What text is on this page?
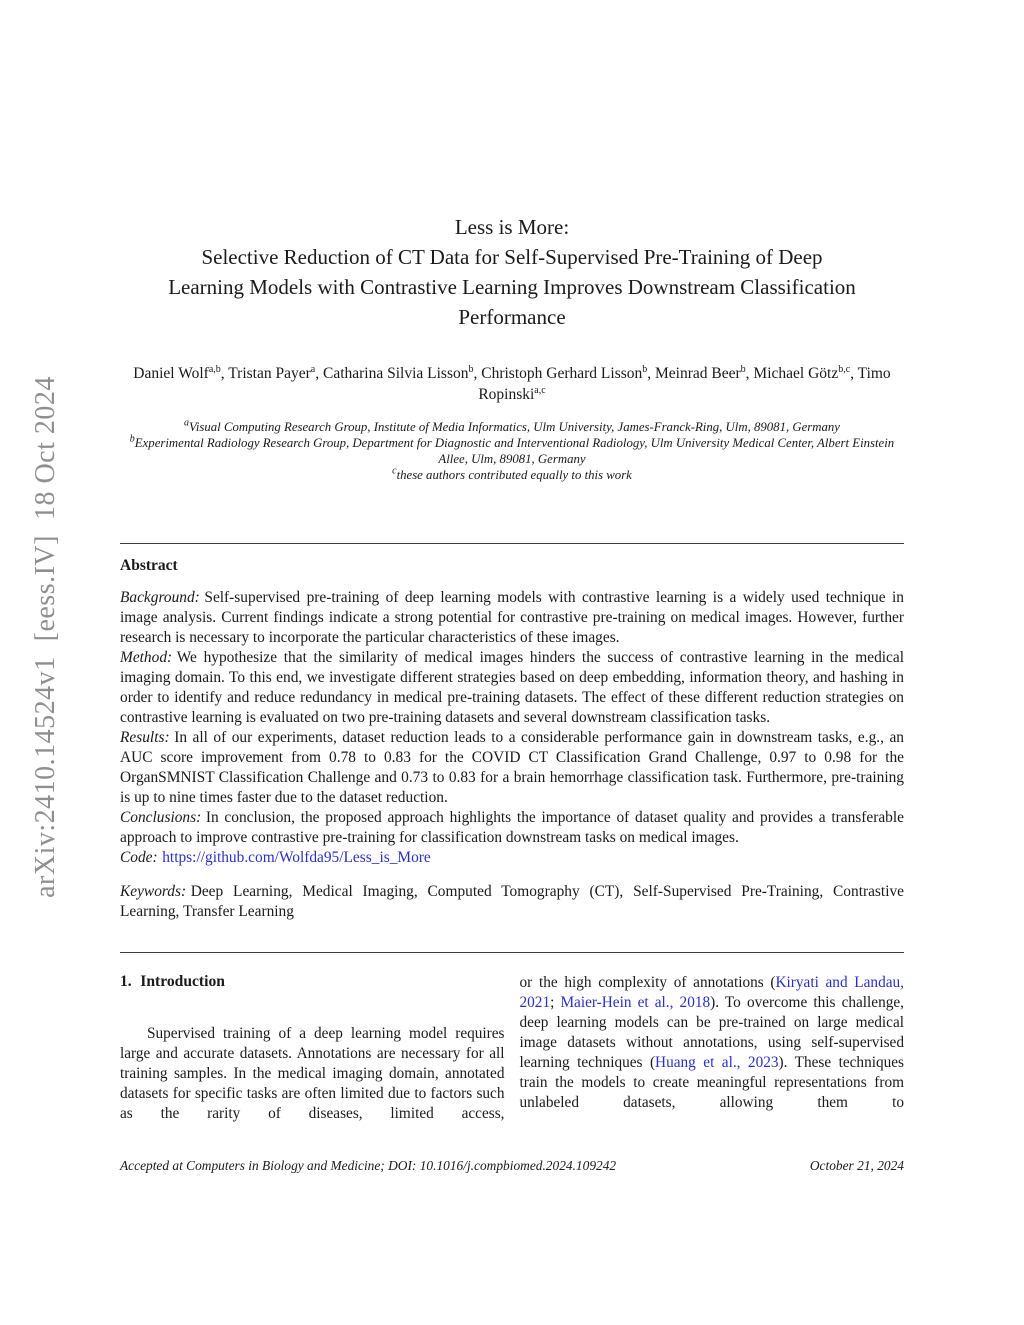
arXiv:2410.14524v1  [eess.IV]  18 Oct 2024

Less is More:
Selective Reduction of CT Data for Self-Supervised Pre-Training of Deep
Learning Models with Contrastive Learning Improves Downstream Classification
Performance
Daniel Wolf$^{a,b}$, Tristan Payer$^a$, Catharina Silvia Lisson$^b$, Christoph Gerhard Lisson$^b$, Meinrad Beer$^b$, Michael Götz$^{b,c}$, Timo Ropinski$^{a,c}$
$^a$Visual Computing Research Group, Institute of Media Informatics, Ulm University, James-Franck-Ring, Ulm, 89081, Germany
$^b$Experimental Radiology Research Group, Department for Diagnostic and Interventional Radiology, Ulm University Medical Center, Albert Einstein Allee, Ulm, 89081, Germany
$^c$these authors contributed equally to this work
Abstract

Background: Self-supervised pre-training of deep learning models with contrastive learning is a widely used technique in image analysis. Current findings indicate a strong potential for contrastive pre-training on medical images. However, further research is necessary to incorporate the particular characteristics of these images.

Method: We hypothesize that the similarity of medical images hinders the success of contrastive learning in the medical imaging domain. To this end, we investigate different strategies based on deep embedding, information theory, and hashing in order to identify and reduce redundancy in medical pre-training datasets. The effect of these different reduction strategies on contrastive learning is evaluated on two pre-training datasets and several downstream classification tasks.

Results: In all of our experiments, dataset reduction leads to a considerable performance gain in downstream tasks, e.g., an AUC score improvement from 0.78 to 0.83 for the COVID CT Classification Grand Challenge, 0.97 to 0.98 for the OrganSMNIST Classification Challenge and 0.73 to 0.83 for a brain hemorrhage classification task. Furthermore, pre-training is up to nine times faster due to the dataset reduction.

Conclusions: In conclusion, the proposed approach highlights the importance of dataset quality and provides a transferable approach to improve contrastive pre-training for classification downstream tasks on medical images.

Code: https://github.com/Wolfda95/Less_is_More

Keywords: Deep Learning, Medical Imaging, Computed Tomography (CT), Self-Supervised Pre-Training, Contrastive Learning, Transfer Learning

1. Introduction

Supervised training of a deep learning model requires large and accurate datasets. Annotations are necessary for all training samples. In the medical imaging domain, annotated datasets for specific tasks are often limited due to factors such as the rarity of diseases, limited access,

or the high complexity of annotations (Kiryati and Landau, 2021; Maier-Hein et al., 2018). To overcome this challenge, deep learning models can be pre-trained on large medical image datasets without annotations, using self-supervised learning techniques (Huang et al., 2023). These techniques train the models to create meaningful representations from unlabeled datasets, allowing them to

Accepted at Computers in Biology and Medicine; DOI: 10.1016/j.compbiomed.2024.109242	October 21, 2024
